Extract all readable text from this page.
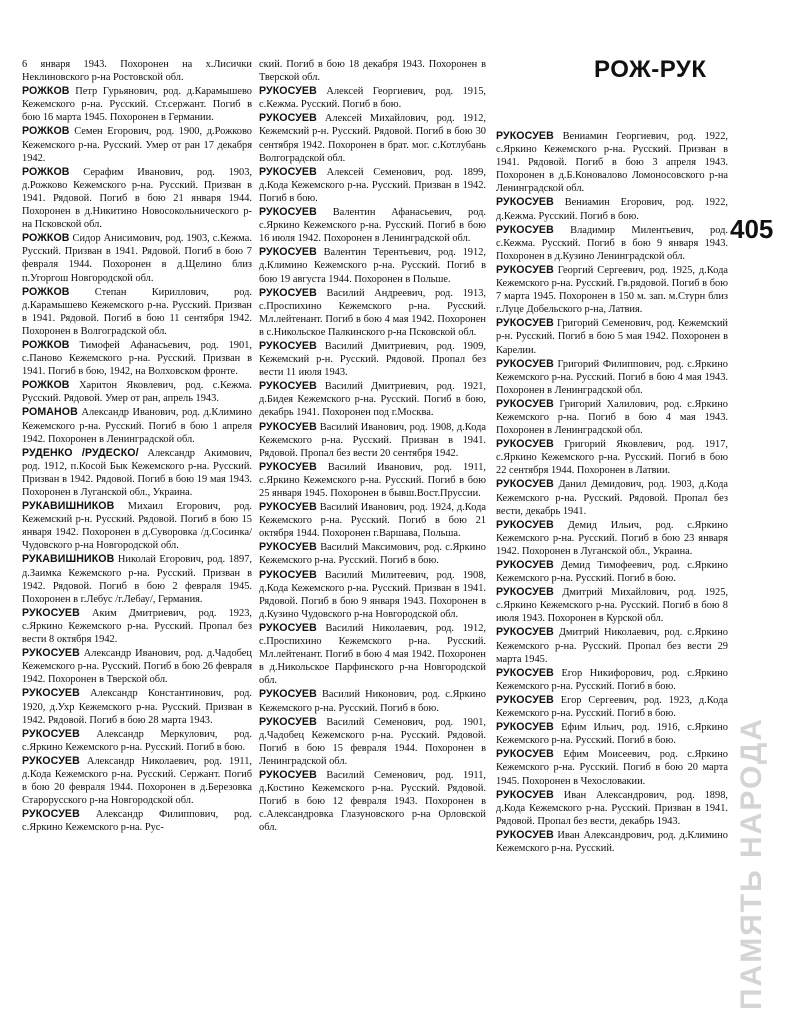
РОЖ-РУК
405
6 января 1943. Похоронен на х.Лисички Неклиновского р-на Ростовской обл.
РОЖКОВ Петр Гурьянович, род. д.Карамышево Кежемского р-на. Русский. Ст.сержант. Погиб в бою 16 марта 1945. Похоронен в Германии.
РОЖКОВ Семен Егорович, род. 1900, д.Рожково Кежемского р-на. Русский. Умер от ран 17 декабря 1942.
РОЖКОВ Серафим Иванович, род. 1903, д.Рожково Кежемского р-на. Русский. Призван в 1941. Рядовой. Погиб в бою 21 января 1944. Похоронен в д.Никитино Новосокольнического р-на Псковской обл.
РОЖКОВ Сидор Анисимович, род. 1903, с.Кежма. Русский. Призван в 1941. Рядовой. Погиб в бою 7 февраля 1944. Похоронен в д.Щелино близ п.Угоргош Новгородской обл.
РОЖКОВ Степан Кириллович, род. д.Карамышево Кежемского р-на. Русский. Призван в 1941. Рядовой. Погиб в бою 11 сентября 1942. Похоронен в Волгоградской обл.
РОЖКОВ Тимофей Афанасьевич, род. 1901, с.Паново Кежемского р-на. Русский. Призван в 1941. Погиб в бою, 1942, на Волховском фронте.
РОЖКОВ Харитон Яковлевич, род. с.Кежма. Русский. Рядовой. Умер от ран, апрель 1943.
РОМАНОВ Александр Иванович, род. д.Климино Кежемского р-на. Русский. Погиб в бою 1 апреля 1942. Похоронен в Ленинградской обл.
РУДЕНКО /РУДЕСКО/ Александр Акимович, род. 1912, п.Косой Бык Кежемского р-на. Русский. Призван в 1942. Рядовой. Погиб в бою 19 мая 1943. Похоронен в Луганской обл., Украина.
РУКАВИШНИКОВ Михаил Егорович, род. Кежемский р-н. Русский. Рядовой. Погиб в бою 15 января 1942. Похоронен в д.Суворовка /д.Сосинка/ Чудовского р-на Новгородской обл.
РУКАВИШНИКОВ Николай Егорович, род. 1897, д.Заимка Кежемского р-на. Русский. Призван в 1942. Рядовой. Погиб в бою 2 февраля 1945. Похоронен в г.Лебус /г.Лебау/, Германия.
РУКОСУЕВ Аким Дмитриевич, род. 1923, с.Яркино Кежемского р-на. Русский. Пропал без вести 8 октября 1942.
РУКОСУЕВ Александр Иванович, род. д.Чадобец Кежемского р-на. Русский. Погиб в бою 26 февраля 1942. Похоронен в Тверской обл.
РУКОСУЕВ Александр Константинович, род. 1920, д.Ухр Кежемского р-на. Русский. Призван в 1942. Рядовой. Погиб в бою 28 марта 1943.
РУКОСУЕВ Александр Меркулович, род. с.Яркино Кежемского р-на. Русский. Погиб в бою.
РУКОСУЕВ Александр Николаевич, род. 1911, д.Кода Кежемского р-на. Русский. Сержант. Погиб в бою 20 февраля 1944. Похоронен в д.Березовка Старорусского р-на Новгородской обл.
РУКОСУЕВ Александр Филиппович, род. с.Яркино Кежемского р-на. Рус-
ский. Погиб в бою 18 декабря 1943. Похоронен в Тверской обл.
РУКОСУЕВ Алексей Георгиевич, род. 1915, с.Кежма. Русский. Погиб в бою.
РУКОСУЕВ Алексей Михайлович, род. 1912, Кежемский р-н. Русский. Рядовой. Погиб в бою 30 сентября 1942. Похоронен в брат. мог. с.Котлубань Волгоградской обл.
РУКОСУЕВ Алексей Семенович, род. 1899, д.Кода Кежемского р-на. Русский. Призван в 1942. Погиб в бою.
РУКОСУЕВ Валентин Афанасьевич, род. с.Яркино Кежемского р-на. Русский. Погиб в бою 16 июля 1942. Похоронен в Ленинградской обл.
РУКОСУЕВ Валентин Терентьевич, род. 1912, д.Климино Кежемского р-на. Русский. Погиб в бою 19 августа 1944. Похоронен в Польше.
РУКОСУЕВ Василий Андреевич, род. 1913, с.Проспихино Кежемского р-на. Русский. Мл.лейтенант. Погиб в бою 4 мая 1942. Похоронен в с.Никольское Палкинского р-на Псковской обл.
РУКОСУЕВ Василий Дмитриевич, род. 1909, Кежемский р-н. Русский. Рядовой. Пропал без вести 11 июля 1943.
РУКОСУЕВ Василий Дмитриевич, род. 1921, д.Бидея Кежемского р-на. Русский. Погиб в бою, декабрь 1941. Похоронен под г.Москва.
РУКОСУЕВ Василий Иванович, род. 1908, д.Кода Кежемского р-на. Русский. Призван в 1941. Рядовой. Пропал без вести 20 сентября 1942.
РУКОСУЕВ Василий Иванович, род. 1911, с.Яркино Кежемского р-на. Русский. Погиб в бою 25 января 1945. Похоронен в бывш.Вост.Пруссии.
РУКОСУЕВ Василий Иванович, род. 1924, д.Кода Кежемского р-на. Русский. Погиб в бою 21 октября 1944. Похоронен г.Варшава, Польша.
РУКОСУЕВ Василий Максимович, род. с.Яркино Кежемского р-на. Русский. Погиб в бою.
РУКОСУЕВ Василий Милитеевич, род. 1908, д.Кода Кежемского р-на. Русский. Призван в 1941. Рядовой. Погиб в бою 9 января 1943. Похоронен в д.Кузино Чудовского р-на Новгородской обл.
РУКОСУЕВ Василий Николаевич, род. 1912, с.Проспихино Кежемского р-на. Русский. Мл.лейтенант. Погиб в бою 4 мая 1942. Похоронен в д.Никольское Парфинского р-на Новгородской обл.
РУКОСУЕВ Василий Никонович, род. с.Яркино Кежемского р-на. Русский. Погиб в бою.
РУКОСУЕВ Василий Семенович, род. 1901, д.Чадобец Кежемского р-на. Русский. Рядовой. Погиб в бою 15 февраля 1944. Похоронен в Ленинградской обл.
РУКОСУЕВ Василий Семенович, род. 1911, д.Костино Кежемского р-на. Русский. Рядовой. Погиб в бою 12 февраля 1943. Похоронен в с.Александровка Глазуновского р-на Орловской обл.
РУКОСУЕВ Вениамин Георгиевич, род. 1922, с.Яркино Кежемского р-на. Русский. Призван в 1941. Рядовой. Погиб в бою 3 апреля 1943. Похоронен в д.Б.Коновалово Ломоносовского р-на Ленинградской обл.
РУКОСУЕВ Вениамин Егорович, род. 1922, д.Кежма. Русский. Погиб в бою.
РУКОСУЕВ Владимир Милентьевич, род. с.Кежма. Русский. Погиб в бою 9 января 1943. Похоронен в д.Кузино Ленинградской обл.
РУКОСУЕВ Георгий Сергеевич, род. 1925, д.Кода Кежемского р-на. Русский. Гв.рядовой. Погиб в бою 7 марта 1945. Похоронен в 150 м. зап. м.Стурн близ г.Луце Добельского р-на, Латвия.
РУКОСУЕВ Григорий Семенович, род. Кежемский р-н. Русский. Погиб в бою 5 мая 1942. Похоронен в Карелии.
РУКОСУЕВ Григорий Филиппович, род. с.Яркино Кежемского р-на. Русский. Погиб в бою 4 мая 1943. Похоронен в Ленинградской обл.
РУКОСУЕВ Григорий Халилович, род. с.Яркино Кежемского р-на. Погиб в бою 4 мая 1943. Похоронен в Ленинградской обл.
РУКОСУЕВ Григорий Яковлевич, род. 1917, с.Яркино Кежемского р-на. Русский. Погиб в бою 22 сентября 1944. Похоронен в Латвии.
РУКОСУЕВ Данил Демидович, род. 1903, д.Кода Кежемского р-на. Русский. Рядовой. Пропал без вести, декабрь 1941.
РУКОСУЕВ Демид Ильич, род. с.Яркино Кежемского р-на. Русский. Погиб в бою 23 января 1942. Похоронен в Луганской обл., Украина.
РУКОСУЕВ Демид Тимофеевич, род. с.Яркино Кежемского р-на. Русский. Погиб в бою.
РУКОСУЕВ Дмитрий Михайлович, род. 1925, с.Яркино Кежемского р-на. Русский. Погиб в бою 8 июля 1943. Похоронен в Курской обл.
РУКОСУЕВ Дмитрий Николаевич, род. с.Яркино Кежемского р-на. Русский. Пропал без вести 29 марта 1945.
РУКОСУЕВ Егор Никифорович, род. с.Яркино Кежемского р-на. Русский. Погиб в бою.
РУКОСУЕВ Егор Сергеевич, род. 1923, д.Кода Кежемского р-на. Русский. Погиб в бою.
РУКОСУЕВ Ефим Ильич, род. 1916, с.Яркино Кежемского р-на. Русский. Погиб в бою.
РУКОСУЕВ Ефим Моисеевич, род. с.Яркино Кежемского р-на. Русский. Погиб в бою 20 марта 1945. Похоронен в Чехословакии.
РУКОСУЕВ Иван Александрович, род. 1898, д.Кода Кежемского р-на. Русский. Призван в 1941. Рядовой. Пропал без вести, декабрь 1943.
РУКОСУЕВ Иван Александрович, род. д.Климино Кежемского р-на. Русский.	ПАМЯТЬ НАРОДА
